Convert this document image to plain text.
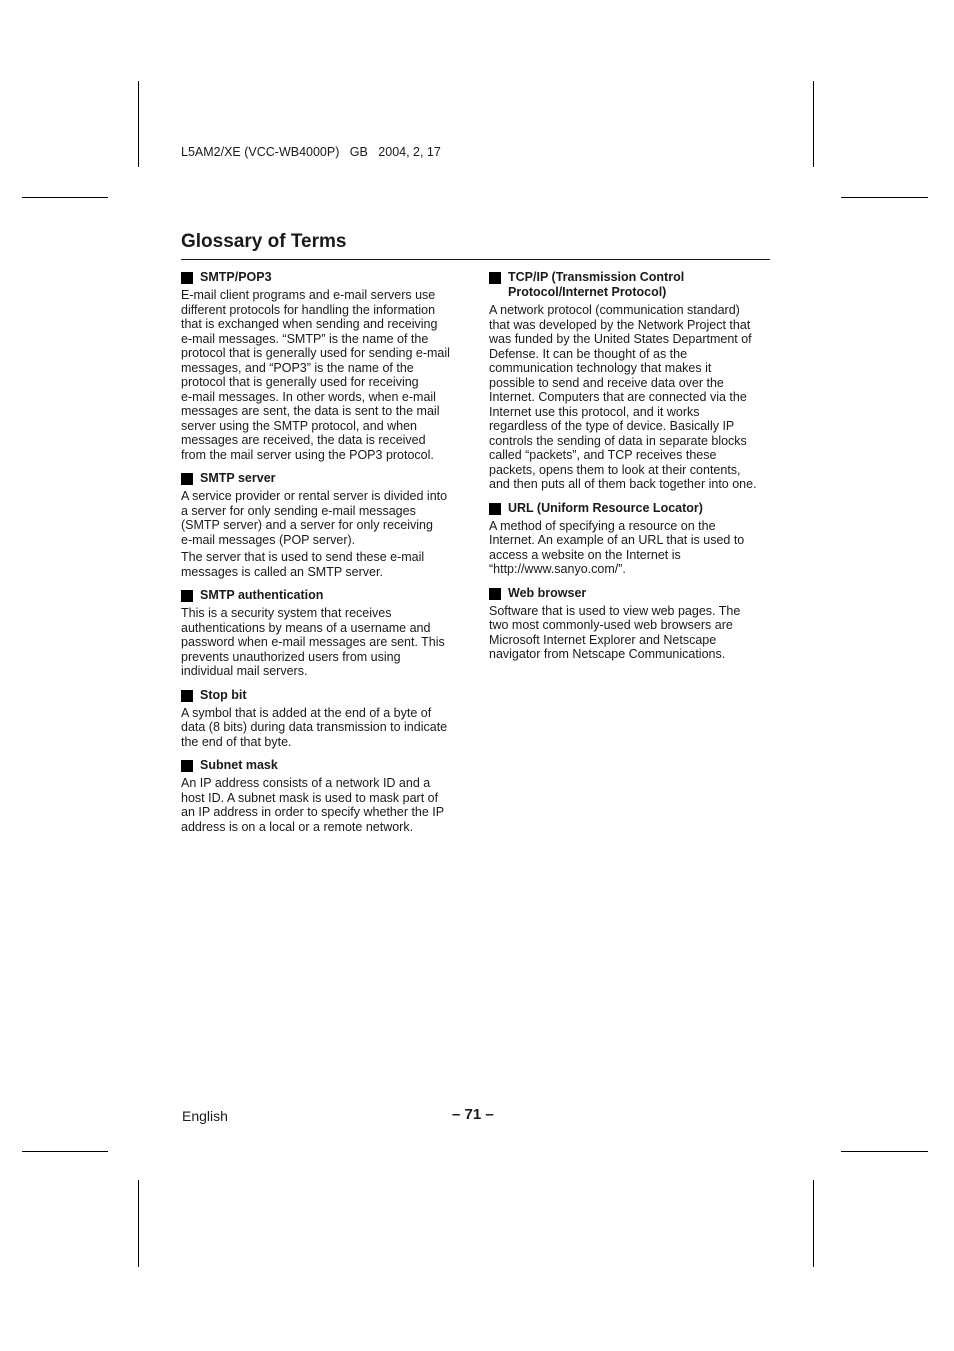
L5AM2/XE (VCC-WB4000P)   GB   2004, 2, 17
Glossary of Terms
SMTP/POP3

E-mail client programs and e-mail servers use
different protocols for handling the information
that is exchanged when sending and receiving
e-mail messages. “SMTP” is the name of the
protocol that is generally used for sending e-mail
messages, and “POP3” is the name of the
protocol that is generally used for receiving
e-mail messages. In other words, when e-mail
messages are sent, the data is sent to the mail
server using the SMTP protocol, and when
messages are received, the data is received
from the mail server using the POP3 protocol.

SMTP server

A service provider or rental server is divided into
a server for only sending e-mail messages
(SMTP server) and a server for only receiving
e-mail messages (POP server).

The server that is used to send these e-mail
messages is called an SMTP server.

SMTP authentication

This is a security system that receives
authentications by means of a username and
password when e-mail messages are sent. This
prevents unauthorized users from using
individual mail servers.

Stop bit

A symbol that is added at the end of a byte of
data (8 bits) during data transmission to indicate
the end of that byte.

Subnet mask

An IP address consists of a network ID and a
host ID. A subnet mask is used to mask part of
an IP address in order to specify whether the IP
address is on a local or a remote network.

TCP/IP (Transmission Control
Protocol/Internet Protocol)

A network protocol (communication standard)
that was developed by the Network Project that
was funded by the United States Department of
Defense. It can be thought of as the
communication technology that makes it
possible to send and receive data over the
Internet. Computers that are connected via the
Internet use this protocol, and it works
regardless of the type of device. Basically IP
controls the sending of data in separate blocks
called “packets”, and TCP receives these
packets, opens them to look at their contents,
and then puts all of them back together into one.

URL (Uniform Resource Locator)

A method of specifying a resource on the
Internet. An example of an URL that is used to
access a website on the Internet is
“http://www.sanyo.com/”.

Web browser

Software that is used to view web pages. The
two most commonly-used web browsers are
Microsoft Internet Explorer and Netscape
navigator from Netscape Communications.

English	– 71 –
